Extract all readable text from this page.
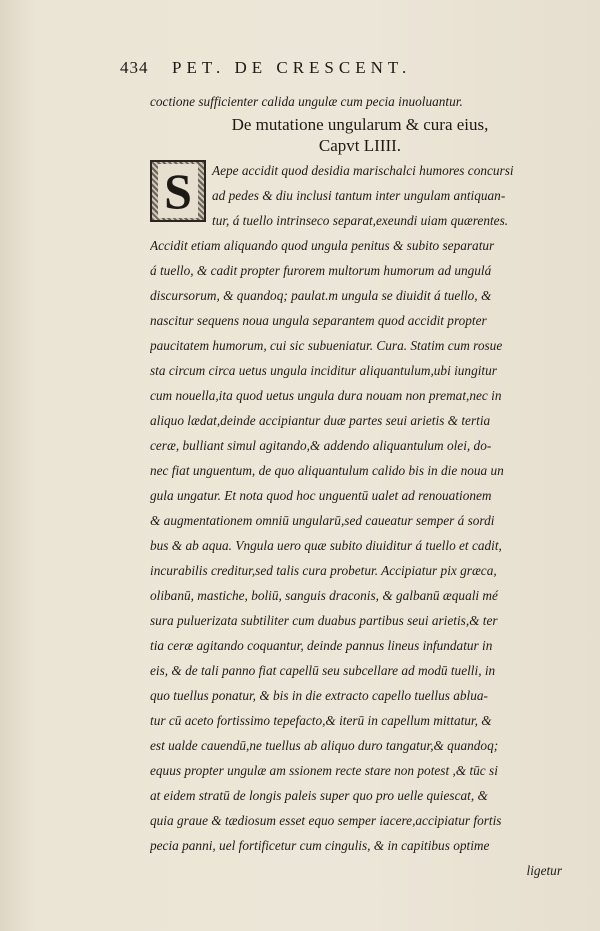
434 PET. DE CRESCENT.
coctione sufficienter calida ungulæ cum pecia inuoluantur.
De mutatione ungularum & cura eius,
Capvt LIIII.
S	Aepe accidit quod desidia marischalci humores concursi
ad pedes & diu inclusi tantum inter ungulam antiquan-
tur, á tuello intrinseco separat,exeundi uiam quærentes.
Accidit etiam aliquando quod ungula penitus & subito separatur
á tuello, & cadit propter furorem multorum humorum ad ungulá
discursorum, & quandoq; paulat.m ungula se diuidit á tuello, &
nascitur sequens noua ungula separantem quod accidit propter
paucitatem humorum, cui sic subueniatur. Cura. Statim cum rosue
sta circum circa uetus ungula inciditur aliquantulum,ubi iungitur
cum nouella,ita quod uetus ungula dura nouam non premat,nec in
aliquo lædat,deinde accipiantur duæ partes seui arietis & tertia
ceræ, bulliant simul agitando,& addendo aliquantulum olei, do-
nec fiat unguentum, de quo aliquantulum calido bis in die noua un
gula ungatur. Et nota quod hoc unguentū ualet ad renouationem
& augmentationem omniū ungularū,sed caueatur semper á sordi
bus & ab aqua. Vngula uero quæ subito diuiditur á tuello et cadit,
incurabilis creditur,sed talis cura probetur. Accipiatur pix græca,
olibanū, mastiche, boliū, sanguis draconis, & galbanū æquali mé
sura puluerizata subtiliter cum duabus partibus seui arietis,& ter
tia ceræ agitando coquantur, deinde pannus lineus infundatur in
eis, & de tali panno fiat capellū seu subcellare ad modū tuelli, in
quo tuellus ponatur, & bis in die extracto capello tuellus ablua-
tur cū aceto fortissimo tepefacto,& iterū in capellum mittatur, &
est ualde cauendū,ne tuellus ab aliquo duro tangatur,& quandoq;
equus propter ungulæ am ssionem recte stare non potest ,& tūc si
at eidem stratū de longis paleis super quo pro uelle quiescat, &
quia graue & tædiosum esset equo semper iacere,accipiatur fortis
pecia panni, uel fortificetur cum cingulis, & in capitibus optime
ligetur
